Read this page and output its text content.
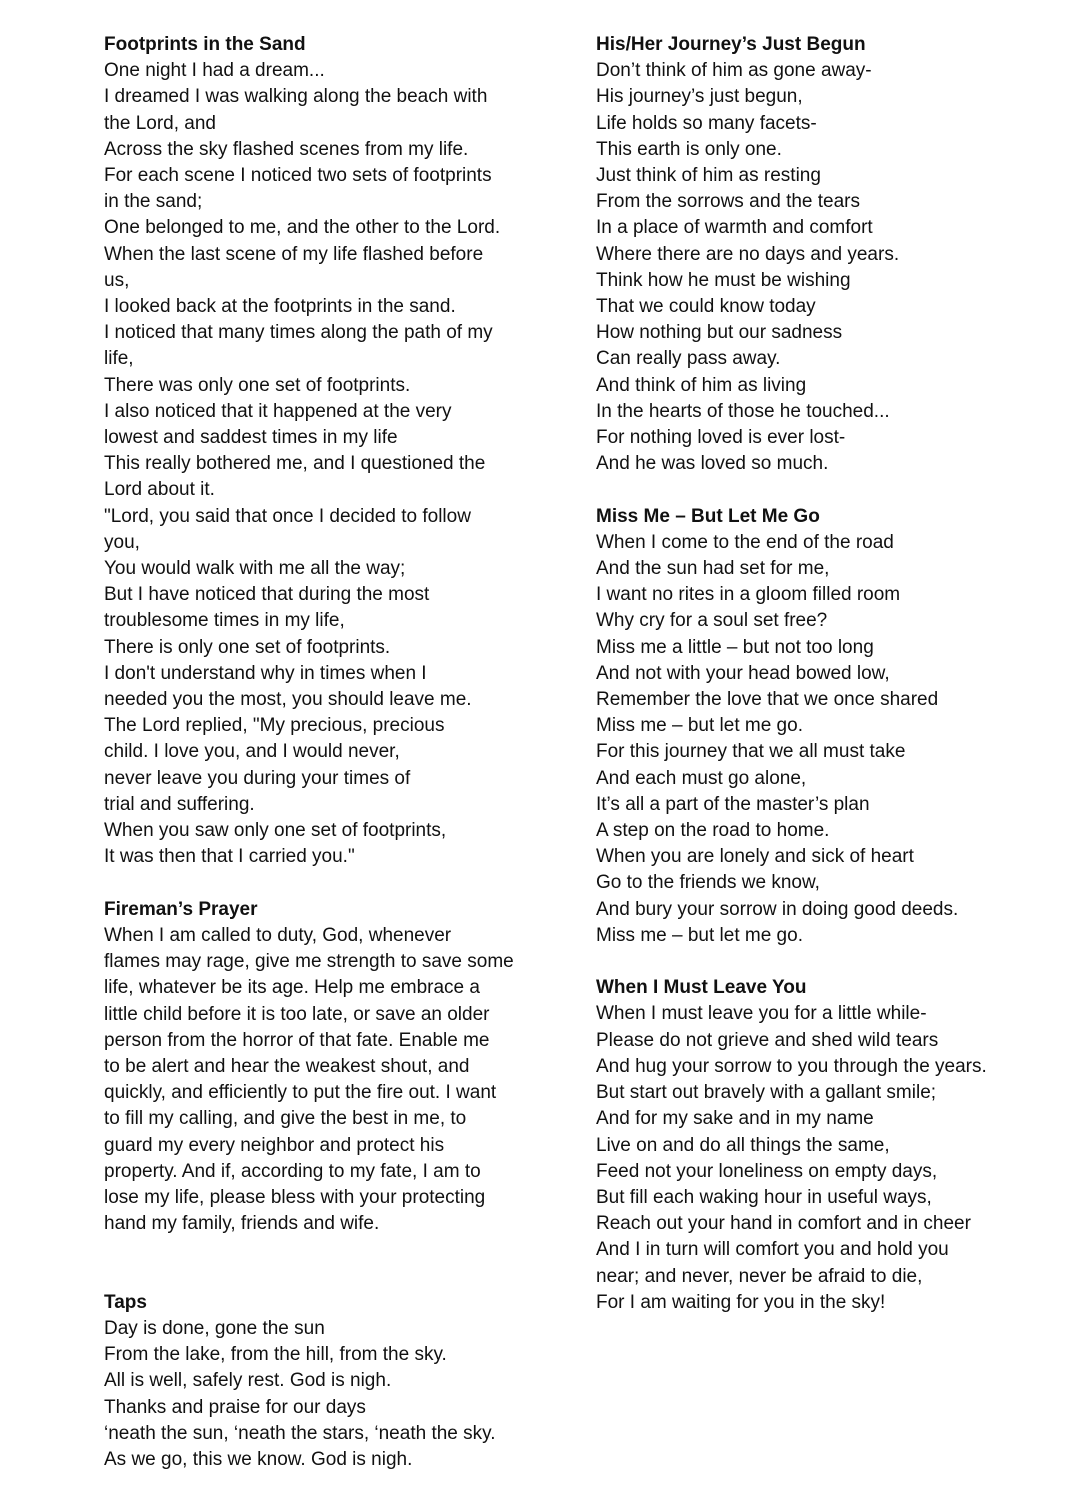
Footprints in the Sand

One night I had a dream...

I dreamed I was walking along the beach with

the Lord, and

Across the sky flashed scenes from my life.

For each scene I noticed two sets of footprints

in the sand;

One belonged to me, and the other to the Lord.

When the last scene of my life flashed before

us,

I looked back at the footprints in the sand.

I noticed that many times along the path of my

life,

There was only one set of footprints.

I also noticed that it happened at the very

lowest and saddest times in my life

This really bothered me, and I questioned the

Lord about it.

"Lord, you said that once I decided to follow

you,

You would walk with me all the way;

But I have noticed that during the most

troublesome times in my life,

There is only one set of footprints.

I don't understand why in times when I

needed you the most, you should leave me.

The Lord replied, "My precious, precious

child. I love you, and I would never,

never leave you during your times of

trial and suffering.

When you saw only one set of footprints,

It was then that I carried you."

Fireman’s Prayer

When I am called to duty, God, whenever

flames may rage, give me strength to save some

life, whatever be its age. Help me embrace a

little child before it is too late, or save an older

person from the horror of that fate. Enable me

to be alert and hear the weakest shout, and

quickly, and efficiently to put the fire out. I want

to fill my calling, and give the best in me, to

guard my every neighbor and protect his

property. And if, according to my fate, I am to

lose my life, please bless with your protecting

hand my family, friends and wife.

Taps

Day is done, gone the sun

From the lake, from the hill, from the sky.

All is well, safely rest. God is nigh.

Thanks and praise for our days

‘neath the sun, ‘neath the stars, ‘neath the sky.

As we go, this we know. God is nigh.

His/Her Journey’s Just Begun

Don’t think of him as gone away-

His journey’s just begun,

Life holds so many facets-

This earth is only one.

Just think of him as resting

From the sorrows and the tears

In a place of warmth and comfort

Where there are no days and years.

Think how he must be wishing

That we could know today

How nothing but our sadness

Can really pass away.

And think of him as living

In the hearts of those he touched...

For nothing loved is ever lost-

And he was loved so much.

Miss Me – But Let Me Go

When I come to the end of the road

And the sun had set for me,

I want no rites in a gloom filled room

Why cry for a soul set free?

Miss me a little – but not too long

And not with your head bowed low,

Remember the love that we once shared

Miss me – but let me go.

For this journey that we all must take

And each must go alone,

It’s all a part of the master’s plan

A step on the road to home.

When you are lonely and sick of heart

Go to the friends we know,

And bury your sorrow in doing good deeds.

Miss me – but let me go.

When I Must Leave You

When I must leave you for a little while-

Please do not grieve and shed wild tears

And hug your sorrow to you through the years.

But start out bravely with a gallant smile;

And for my sake and in my name

Live on and do all things the same,

Feed not your loneliness on empty days,

But fill each waking hour in useful ways,

Reach out your hand in comfort and in cheer

And I in turn will comfort you and hold you

near; and never, never be afraid to die,

For I am waiting for you in the sky!
